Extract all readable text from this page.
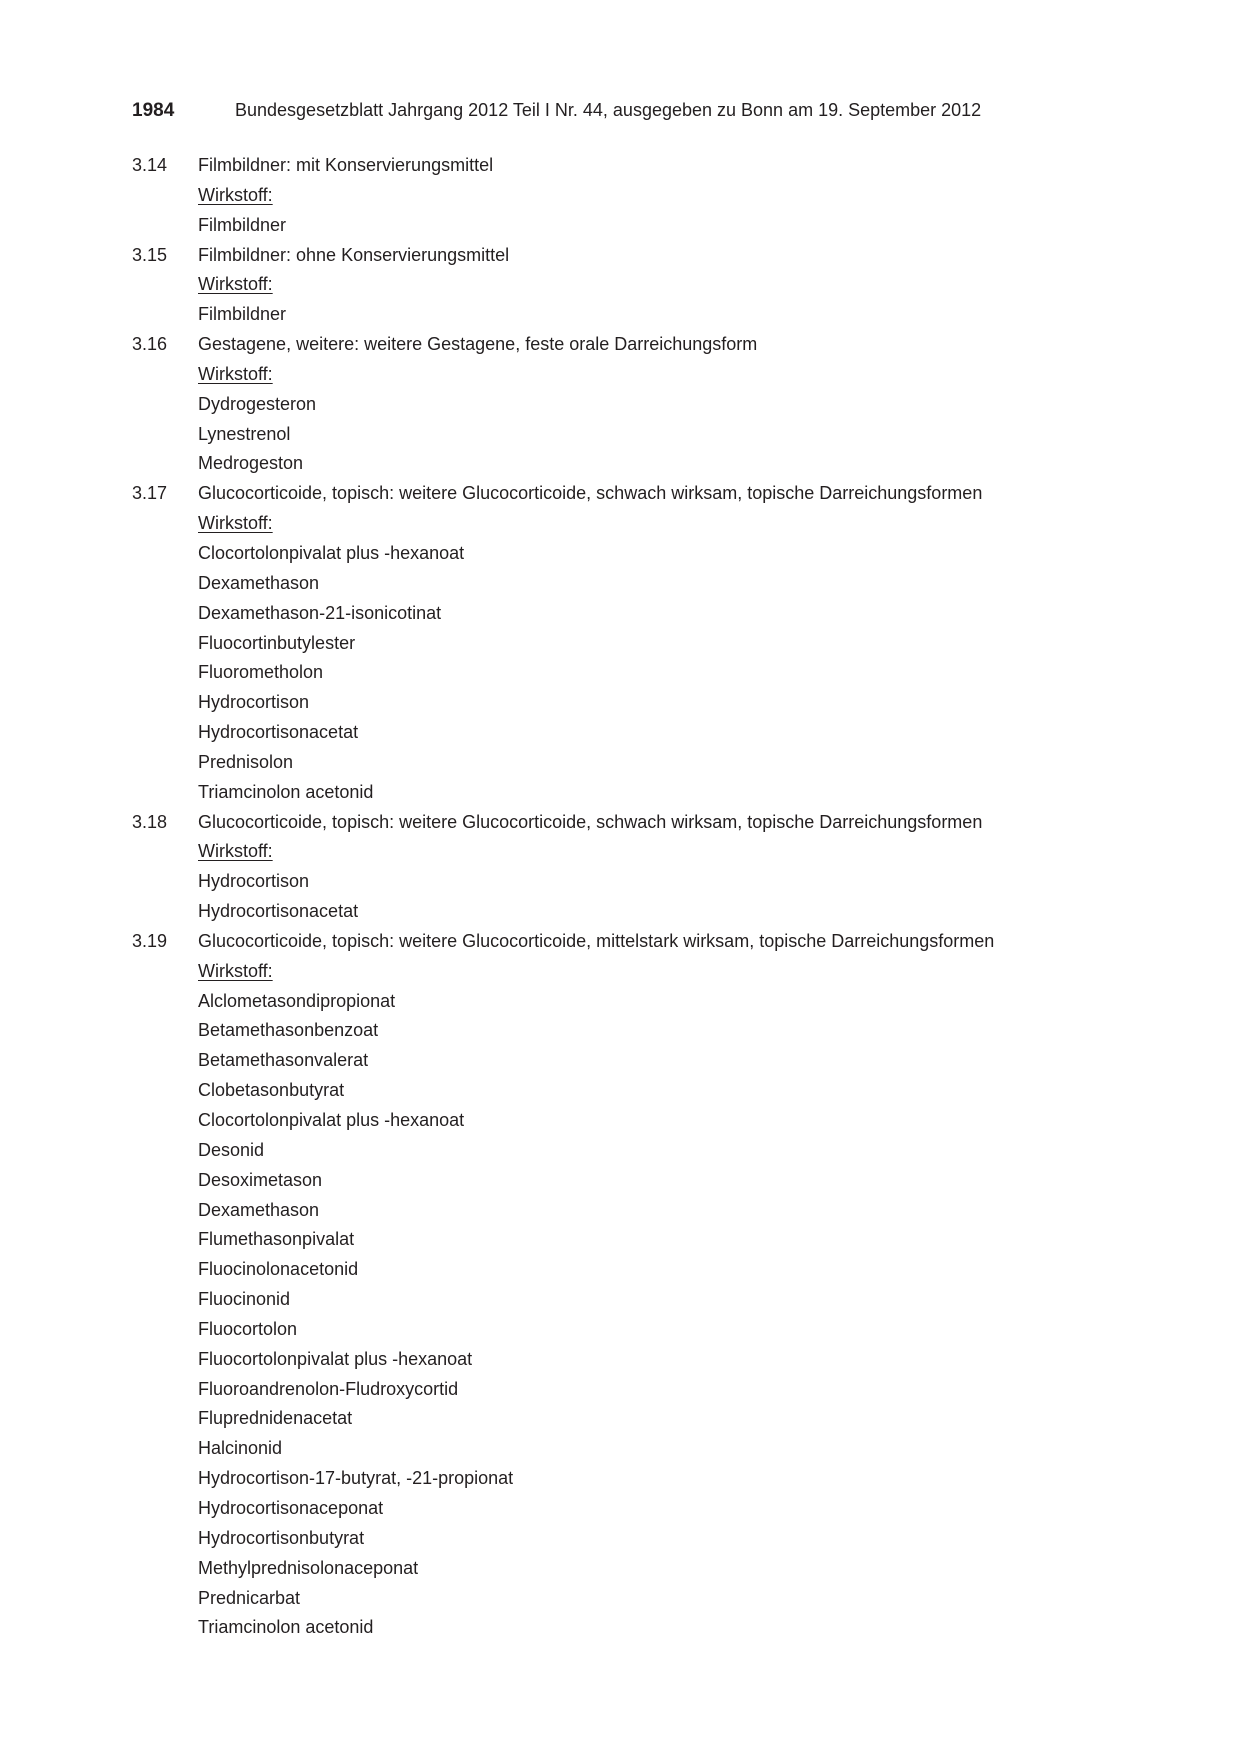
1984	Bundesgesetzblatt Jahrgang 2012 Teil I Nr. 44, ausgegeben zu Bonn am 19. September 2012
3.14	Filmbildner: mit Konservierungsmittel
Wirkstoff:
Filmbildner
3.15	Filmbildner: ohne Konservierungsmittel
Wirkstoff:
Filmbildner
3.16	Gestagene, weitere: weitere Gestagene, feste orale Darreichungsform
Wirkstoff:
Dydrogesteron
Lynestrenol
Medrogeston
3.17	Glucocorticoide, topisch: weitere Glucocorticoide, schwach wirksam, topische Darreichungsformen
Wirkstoff:
Clocortolonpivalat plus -hexanoat
Dexamethason
Dexamethason-21-isonicotinat
Fluocortinbutylester
Fluorometholon
Hydrocortison
Hydrocortisonacetat
Prednisolon
Triamcinolon acetonid
3.18	Glucocorticoide, topisch: weitere Glucocorticoide, schwach wirksam, topische Darreichungsformen
Wirkstoff:
Hydrocortison
Hydrocortisonacetat
3.19	Glucocorticoide, topisch: weitere Glucocorticoide, mittelstark wirksam, topische Darreichungsformen
Wirkstoff:
Alclometasondipropionat
Betamethasonbenzoat
Betamethasonvalerat
Clobetasonbutyrat
Clocortolonpivalat plus -hexanoat
Desonid
Desoximetason
Dexamethason
Flumethasonpivalat
Fluocinolonacetonid
Fluocinonid
Fluocortolon
Fluocortolonpivalat plus -hexanoat
Fluoroandrenolon-Fludroxycortid
Fluprednidenacetat
Halcinonid
Hydrocortison-17-butyrat, -21-propionat
Hydrocortisonaceponat
Hydrocortisonbutyrat
Methylprednisolonaceponat
Prednicarbat
Triamcinolon acetonid
